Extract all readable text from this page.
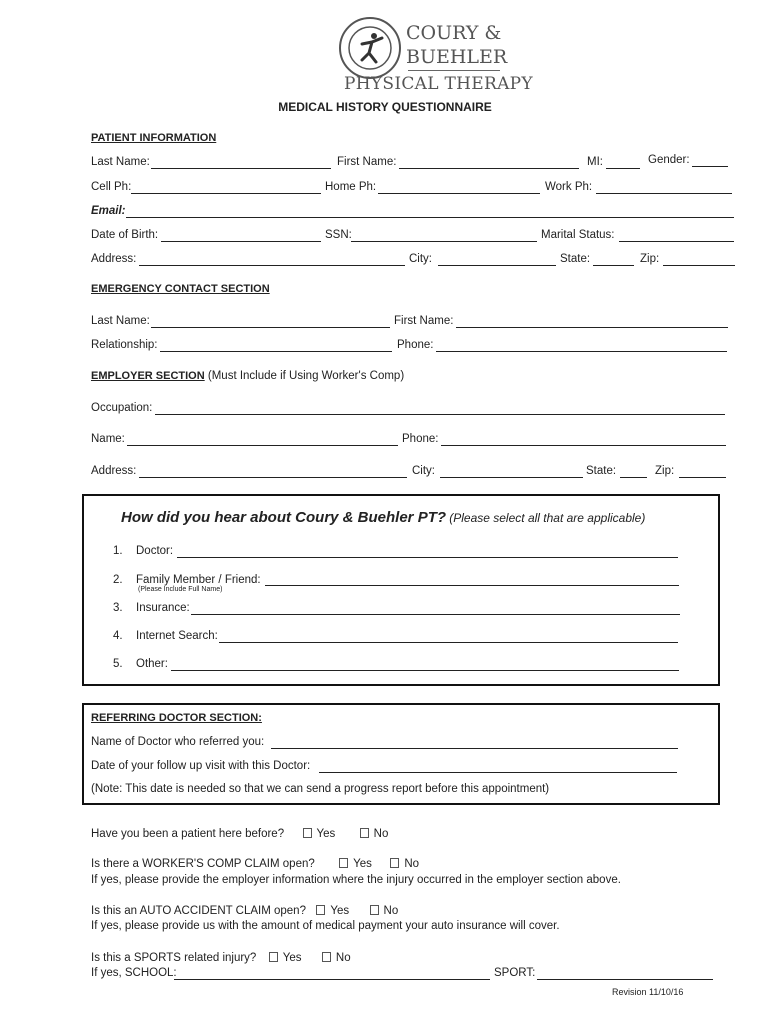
COURY &
BUEHLER
PHYSICAL THERAPY
MEDICAL HISTORY QUESTIONNAIRE
PATIENT INFORMATION
Last Name:	First Name:	MI:	Gender:
Cell Ph:	Home Ph:	Work Ph:
Email:
Date of Birth:	SSN:	Marital Status:
Address:	City:	State:	Zip:
EMERGENCY CONTACT SECTION
Last Name:	First Name:
Relationship:	Phone:
EMPLOYER SECTION (Must Include if Using Worker's Comp)
Occupation:
Name:	Phone:
Address:	City:	State:	Zip:
How did you hear about Coury & Buehler PT? (Please select all that are applicable)
1. Doctor:
2. Family Member / Friend:
(Please Include Full Name)
3. Insurance:
4. Internet Search:
5. Other:
REFERRING DOCTOR SECTION:
Name of Doctor who referred you:
Date of your follow up visit with this Doctor:
(Note: This date is needed so that we can send a progress report before this appointment)
Have you been a patient here before?	Yes	No
Is there a WORKER'S COMP CLAIM open?	Yes	No
If yes, please provide the employer information where the injury occurred in the employer section above.
Is this an AUTO ACCIDENT CLAIM open? Yes	No
If yes, please provide us with the amount of medical payment your auto insurance will cover.
Is this a SPORTS related injury? Yes	No
If yes, SCHOOL:	SPORT:
Revision 11/10/16
